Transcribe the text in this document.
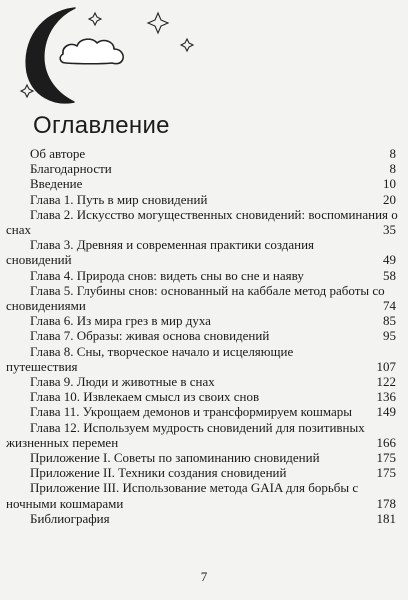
Оглавление
Об авторе	8
Благодарности	8
Введение	10
Глава 1. Путь в мир сновидений	20
Глава 2. Искусство могущественных сновидений: воспоминания о снах	35
Глава 3. Древняя и современная практики создания сновидений	49
Глава 4. Природа снов: видеть сны во сне и наяву	58
Глава 5. Глубины снов: основанный на каббале метод работы со сновидениями	74
Глава 6. Из мира грез в мир духа	85
Глава 7. Образы: живая основа сновидений	95
Глава 8. Сны, творческое начало и исцеляющие путешествия	107
Глава 9. Люди и животные в снах	122
Глава 10. Извлекаем смысл из своих снов	136
Глава 11. Укрощаем демонов и трансформируем кошмары	149
Глава 12. Используем мудрость сновидений для позитивных жизненных перемен	166
Приложение I. Советы по запоминанию сновидений	175
Приложение II. Техники создания сновидений	175
Приложение III. Использование метода GAIA для борьбы с ночными кошмарами	178
Библиография	181
7
